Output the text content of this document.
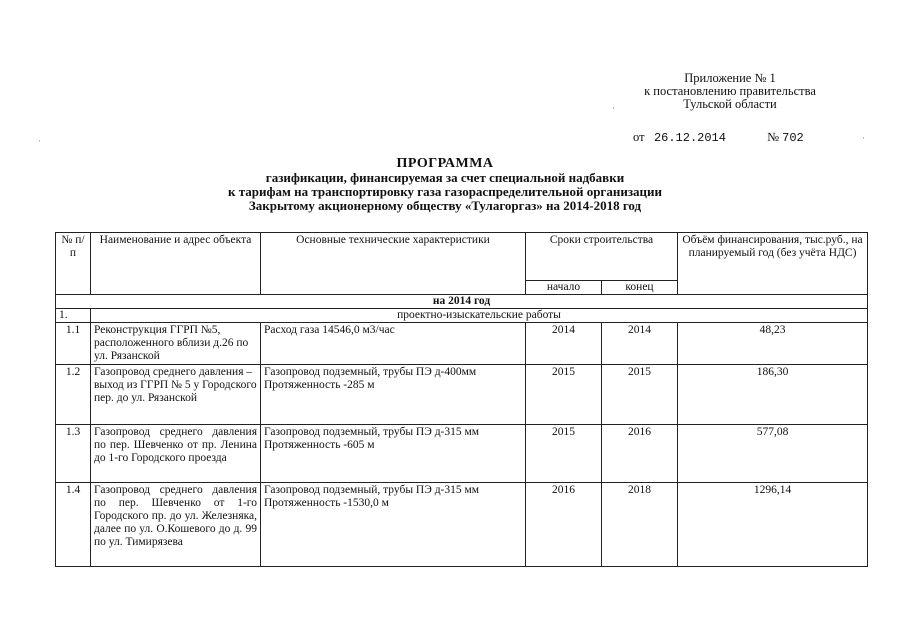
Приложение № 1
к постановлению правительства
Тульской области
от 26.12.2014	№ 702
ПРОГРАММА
газификации, финансируемая за счет специальной надбавки
к тарифам на транспортировку газа газораспределительной организации
Закрытому акционерному обществу «Тулагоргаз» на 2014-2018 год
№ п/п	Наименование и адрес объекта	Основные технические характеристики	Сроки строительства		Объём финансирования, тыс.руб., на планируемый год (без учёта НДС)
			начало	конец	
на 2014 год					
1.	проектно-изыскательские работы				
1.1	Реконструкция ГГРП №5, расположенного вблизи д.26 по ул. Рязанской	Расход газа 14546,0 м3/час	2014	2014	48,23
1.2	Газопровод среднего давления – выход из ГГРП № 5 у Городского пер. до ул. Рязанской	Газопровод подземный, трубы ПЭ д-400мм Протяженность -285 м	2015	2015	186,30
1.3	Газопровод среднего давления по пер. Шевченко от пр. Ленина до 1-го Городского проезда	Газопровод подземный, трубы ПЭ д-315 мм Протяженность -605 м	2015	2016	577,08
1.4	Газопровод среднего давления по пер. Шевченко от 1-го Городского пр. до ул. Железняка, далее по ул. О.Кошевого до д. 99 по ул. Тимирязева	Газопровод подземный, трубы ПЭ д-315 мм Протяженность -1530,0 м	2016	2018	1296,14
·
·	·
